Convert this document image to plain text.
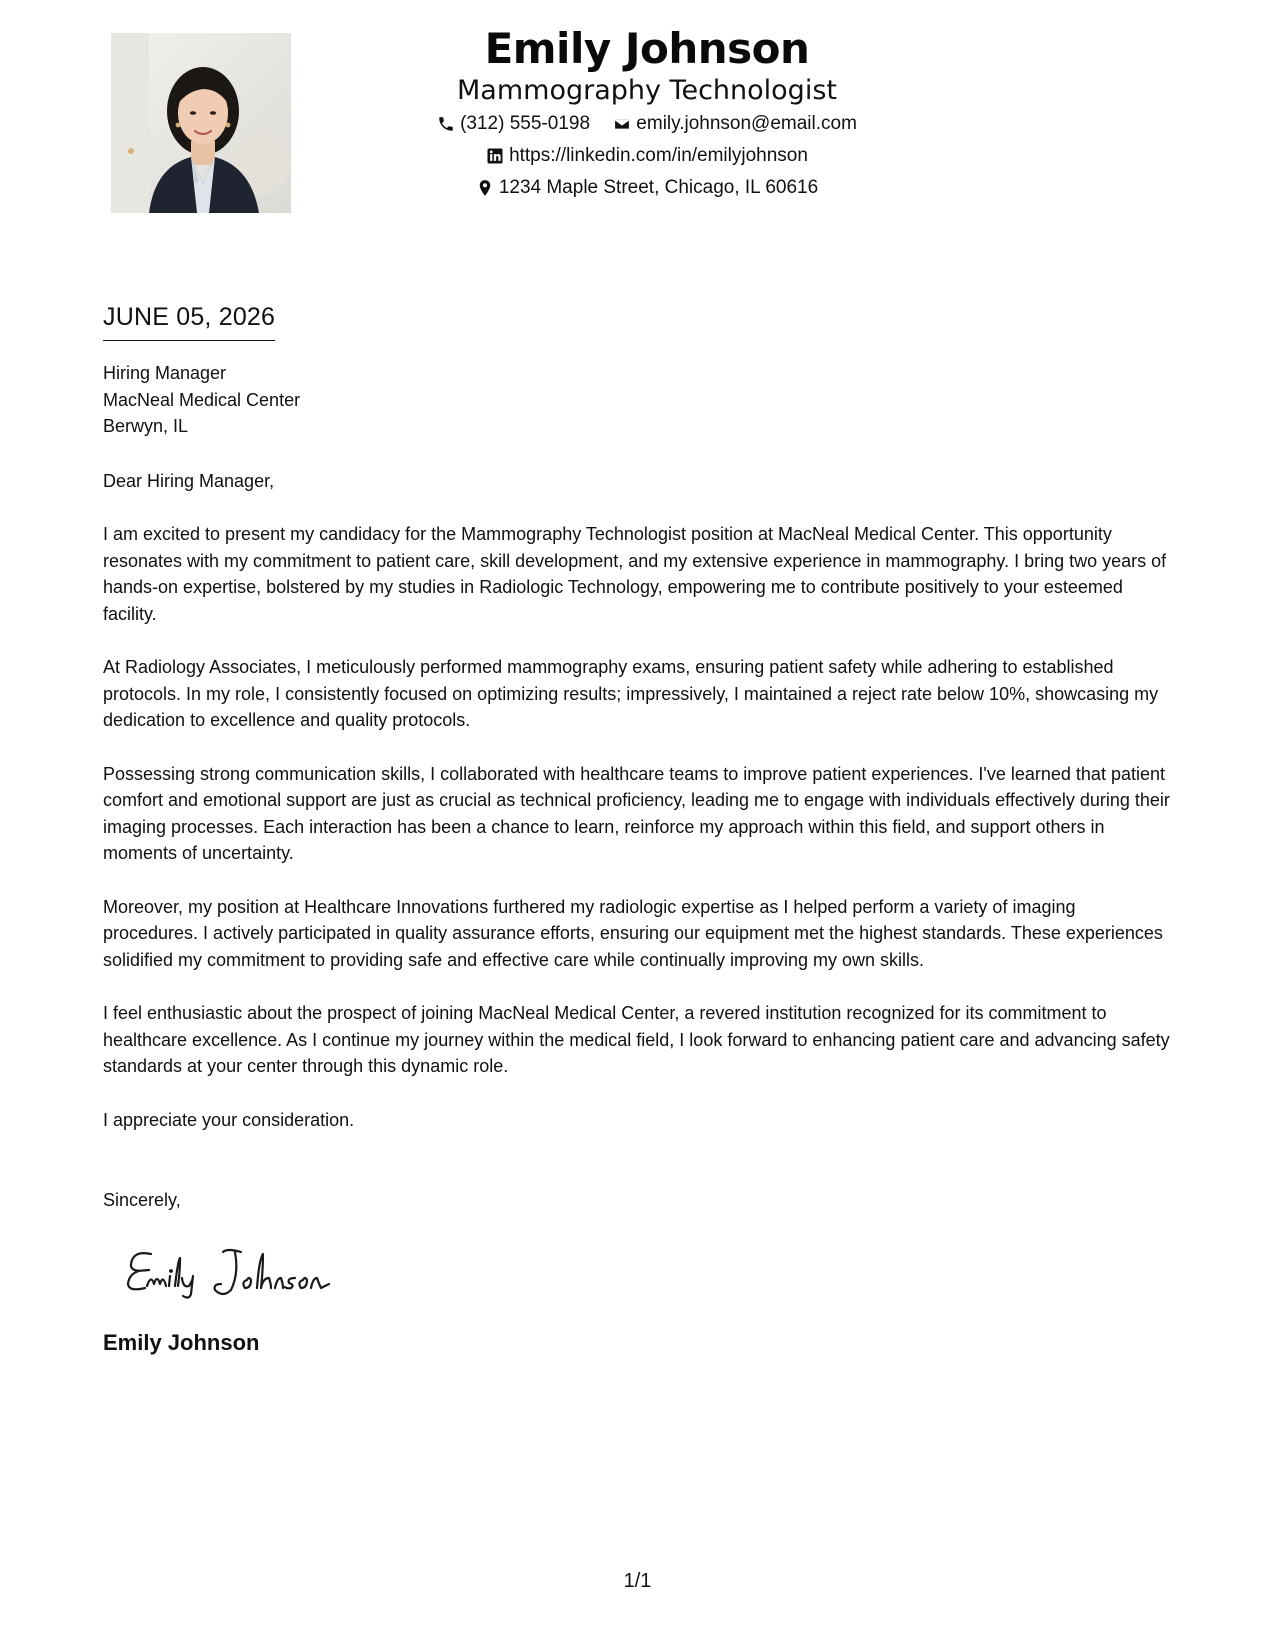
Emily Johnson
Mammography Technologist
(312) 555-0198
emily.johnson@email.com
https://linkedin.com/in/emilyjohnson
1234 Maple Street, Chicago, IL 60616
JUNE 05, 2026
Hiring Manager
MacNeal Medical Center
Berwyn, IL
Dear Hiring Manager,

I am excited to present my candidacy for the Mammography Technologist position at MacNeal Medical Center. This opportunity resonates with my commitment to patient care, skill development, and my extensive experience in mammography. I bring two years of hands-on expertise, bolstered by my studies in Radiologic Technology, empowering me to contribute positively to your esteemed facility.

At Radiology Associates, I meticulously performed mammography exams, ensuring patient safety while adhering to established protocols. In my role, I consistently focused on optimizing results; impressively, I maintained a reject rate below 10%, showcasing my dedication to excellence and quality protocols.

Possessing strong communication skills, I collaborated with healthcare teams to improve patient experiences. I've learned that patient comfort and emotional support are just as crucial as technical proficiency, leading me to engage with individuals effectively during their imaging processes. Each interaction has been a chance to learn, reinforce my approach within this field, and support others in moments of uncertainty.

Moreover, my position at Healthcare Innovations furthered my radiologic expertise as I helped perform a variety of imaging procedures. I actively participated in quality assurance efforts, ensuring our equipment met the highest standards. These experiences solidified my commitment to providing safe and effective care while continually improving my own skills.

I feel enthusiastic about the prospect of joining MacNeal Medical Center, a revered institution recognized for its commitment to healthcare excellence. As I continue my journey within the medical field, I look forward to enhancing patient care and advancing safety standards at your center through this dynamic role.

I appreciate your consideration.

Sincerely,
Emily Johnson
1/1
